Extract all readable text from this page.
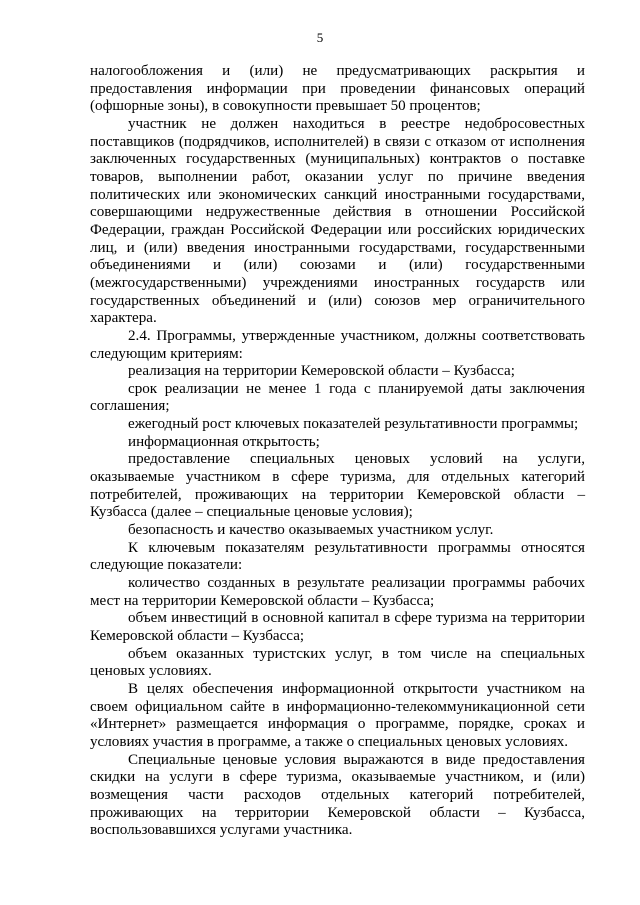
5

налогообложения и (или) не предусматривающих раскрытия и предоставления информации при проведении финансовых операций (офшорные зоны), в совокупности превышает 50 процентов;

участник не должен находиться в реестре недобросовестных поставщиков (подрядчиков, исполнителей) в связи с отказом от исполнения заключенных государственных (муниципальных) контрактов о поставке товаров, выполнении работ, оказании услуг по причине введения политических или экономических санкций иностранными государствами, совершающими недружественные действия в отношении Российской Федерации, граждан Российской Федерации или российских юридических лиц, и (или) введения иностранными государствами, государственными объединениями и (или) союзами и (или) государственными (межгосударственными) учреждениями иностранных государств или государственных объединений и (или) союзов мер ограничительного характера.

2.4. Программы, утвержденные участником, должны соответствовать следующим критериям:

реализация на территории Кемеровской области – Кузбасса;

срок реализации не менее 1 года с планируемой даты заключения соглашения;

ежегодный рост ключевых показателей результативности программы;

информационная открытость;

предоставление специальных ценовых условий на услуги, оказываемые участником в сфере туризма, для отдельных категорий потребителей, проживающих на территории Кемеровской области – Кузбасса (далее – специальные ценовые условия);

безопасность и качество оказываемых участником услуг.

К ключевым показателям результативности программы относятся следующие показатели:

количество созданных в результате реализации программы рабочих мест на территории Кемеровской области – Кузбасса;

объем инвестиций в основной капитал в сфере туризма на территории Кемеровской области – Кузбасса;

объем оказанных туристских услуг, в том числе на специальных ценовых условиях.

В целях обеспечения информационной открытости участником на своем официальном сайте в информационно-телекоммуникационной сети «Интернет» размещается информация о программе, порядке, сроках и условиях участия в программе, а также о специальных ценовых условиях.

Специальные ценовые условия выражаются в виде предоставления скидки на услуги в сфере туризма, оказываемые участником, и (или) возмещения части расходов отдельных категорий потребителей, проживающих на территории Кемеровской области – Кузбасса, воспользовавшихся услугами участника.
